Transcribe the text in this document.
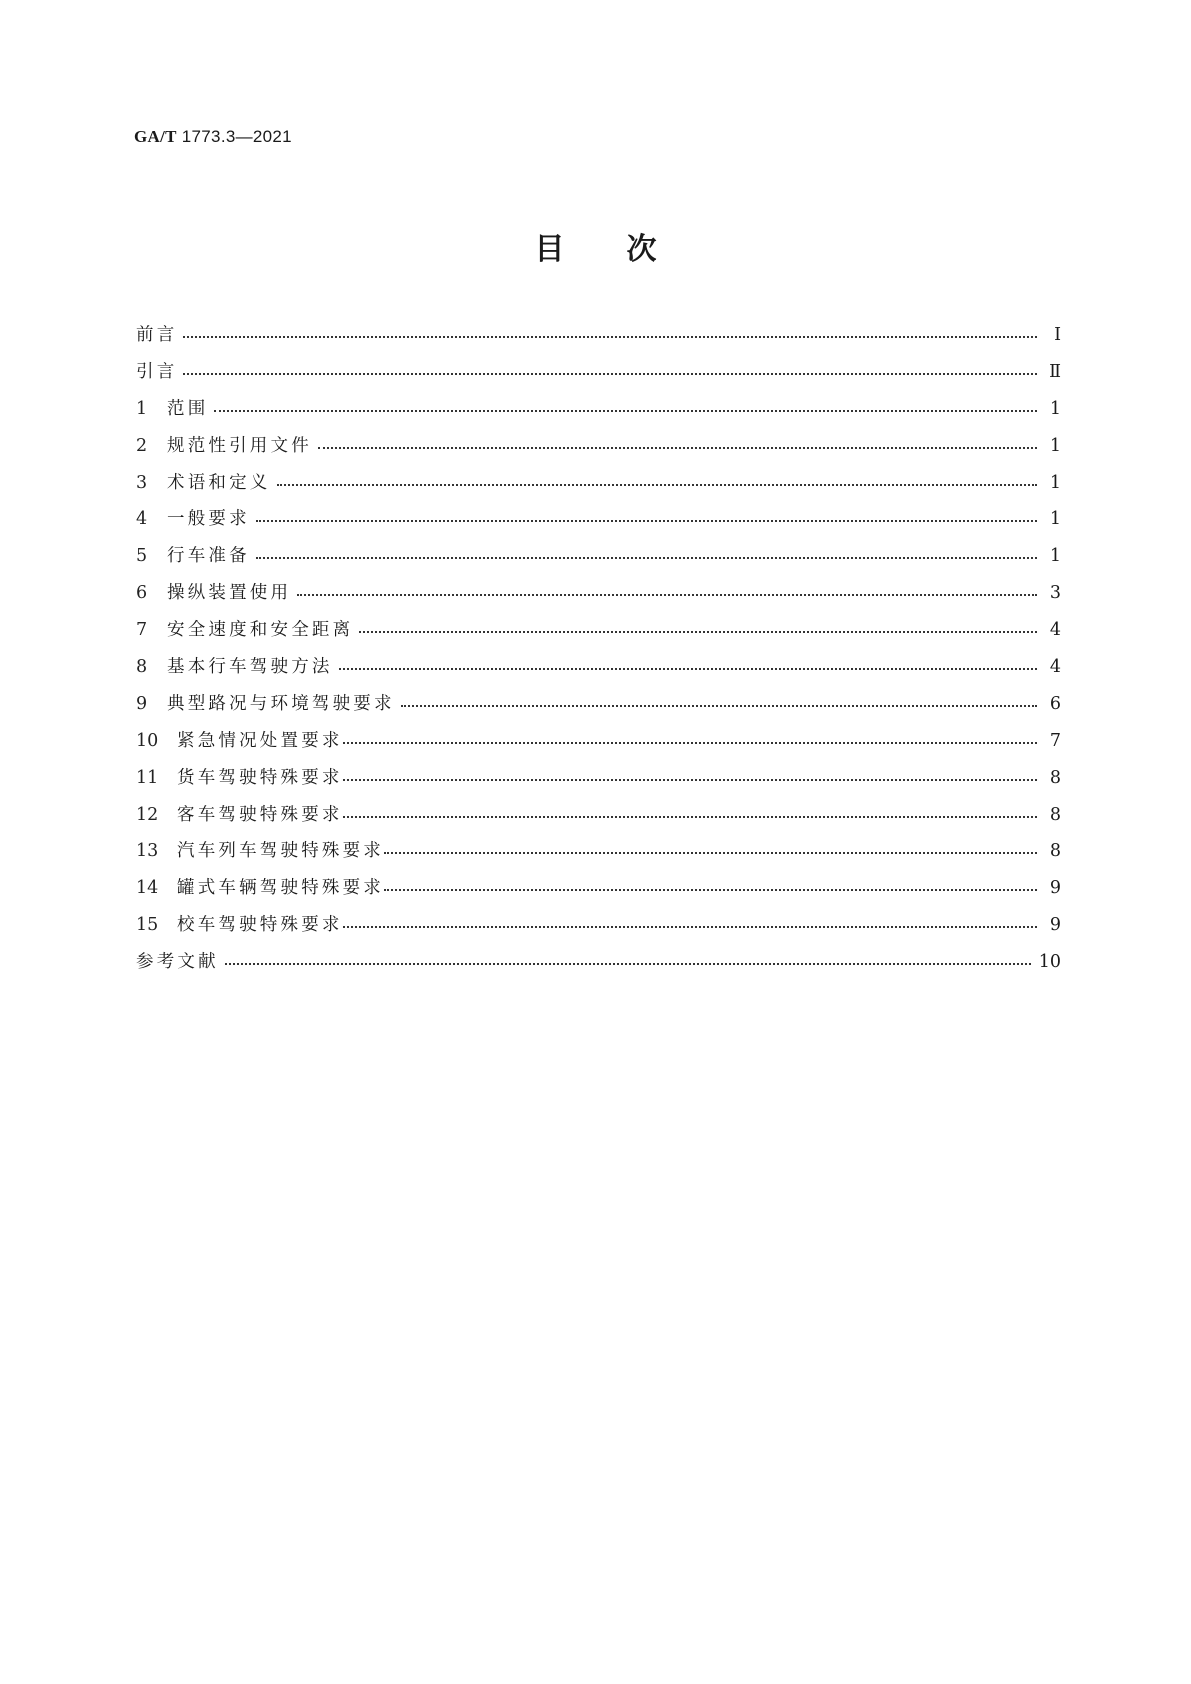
GA/T 1773.3—2021
目 次
前言	Ⅰ
引言	Ⅱ
1	范围	1
2	规范性引用文件	1
3	术语和定义	1
4	一般要求	1
5	行车准备	1
6	操纵装置使用	3
7	安全速度和安全距离	4
8	基本行车驾驶方法	4
9	典型路况与环境驾驶要求	6
10	紧急情况处置要求	7
11	货车驾驶特殊要求	8
12	客车驾驶特殊要求	8
13	汽车列车驾驶特殊要求	8
14	罐式车辆驾驶特殊要求	9
15	校车驾驶特殊要求	9
参考文献	10
